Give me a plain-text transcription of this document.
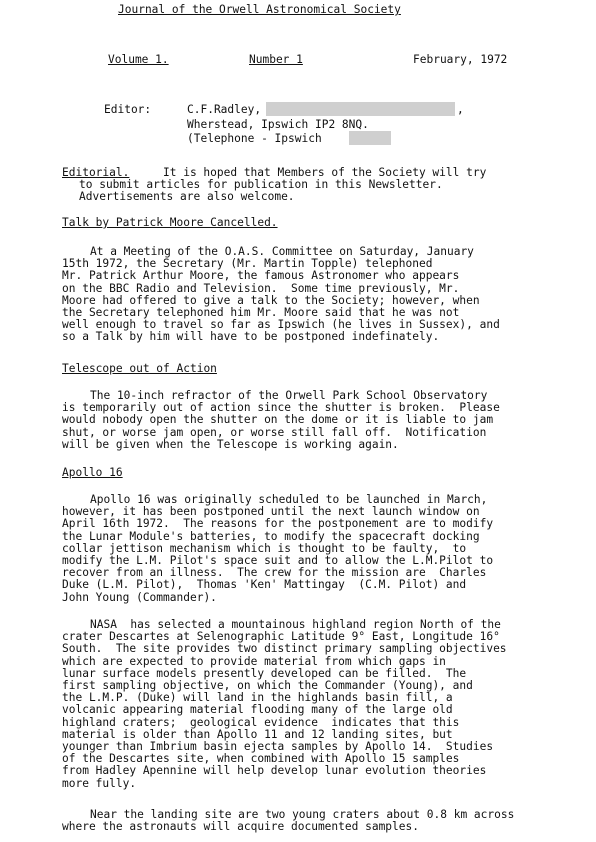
Journal of the Orwell Astronomical Society
Volume 1.	Number 1	February, 1972
Editor:	C.F.Radley,	,
Wherstead, Ipswich IP2 8NQ.
(Telephone - Ipswich
Editorial.	It is hoped that Members of the Society will try
to submit articles for publication in this Newsletter.
Advertisements are also welcome.
Talk by Patrick Moore Cancelled.
At a Meeting of the O.A.S. Committee on Saturday, January
15th 1972, the Secretary (Mr. Martin Topple) telephoned
Mr. Patrick Arthur Moore, the famous Astronomer who appears
on the BBC Radio and Television.  Some time previously, Mr.
Moore had offered to give a talk to the Society; however, when
the Secretary telephoned him Mr. Moore said that he was not
well enough to travel so far as Ipswich (he lives in Sussex), and
so a Talk by him will have to be postponed indefinately.
Telescope out of Action
The 10-inch refractor of the Orwell Park School Observatory
is temporarily out of action since the shutter is broken.  Please
would nobody open the shutter on the dome or it is liable to jam
shut, or worse jam open, or worse still fall off.  Notification
will be given when the Telescope is working again.
Apollo 16
Apollo 16 was originally scheduled to be launched in March,
however, it has been postponed until the next launch window on
April 16th 1972.  The reasons for the postponement are to modify
the Lunar Module's batteries, to modify the spacecraft docking
collar jettison mechanism which is thought to be faulty,  to
modify the L.M. Pilot's space suit and to allow the L.M.Pilot to
recover from an illness.  The crew for the mission are  Charles
Duke (L.M. Pilot),  Thomas 'Ken' Mattingay  (C.M. Pilot) and
John Young (Commander).
NASA  has selected a mountainous highland region North of the
crater Descartes at Selenographic Latitude 9° East, Longitude 16°
South.  The site provides two distinct primary sampling objectives
which are expected to provide material from which gaps in
lunar surface models presently developed can be filled.  The
first sampling objective, on which the Commander (Young), and
the L.M.P. (Duke) will land in the highlands basin fill, a
volcanic appearing material flooding many of the large old
highland craters;  geological evidence  indicates that this
material is older than Apollo 11 and 12 landing sites, but
younger than Imbrium basin ejecta samples by Apollo 14.  Studies
of the Descartes site, when combined with Apollo 15 samples
from Hadley Apennine will help develop lunar evolution theories
more fully.
Near the landing site are two young craters about 0.8 km across
where the astronauts will acquire documented samples.
